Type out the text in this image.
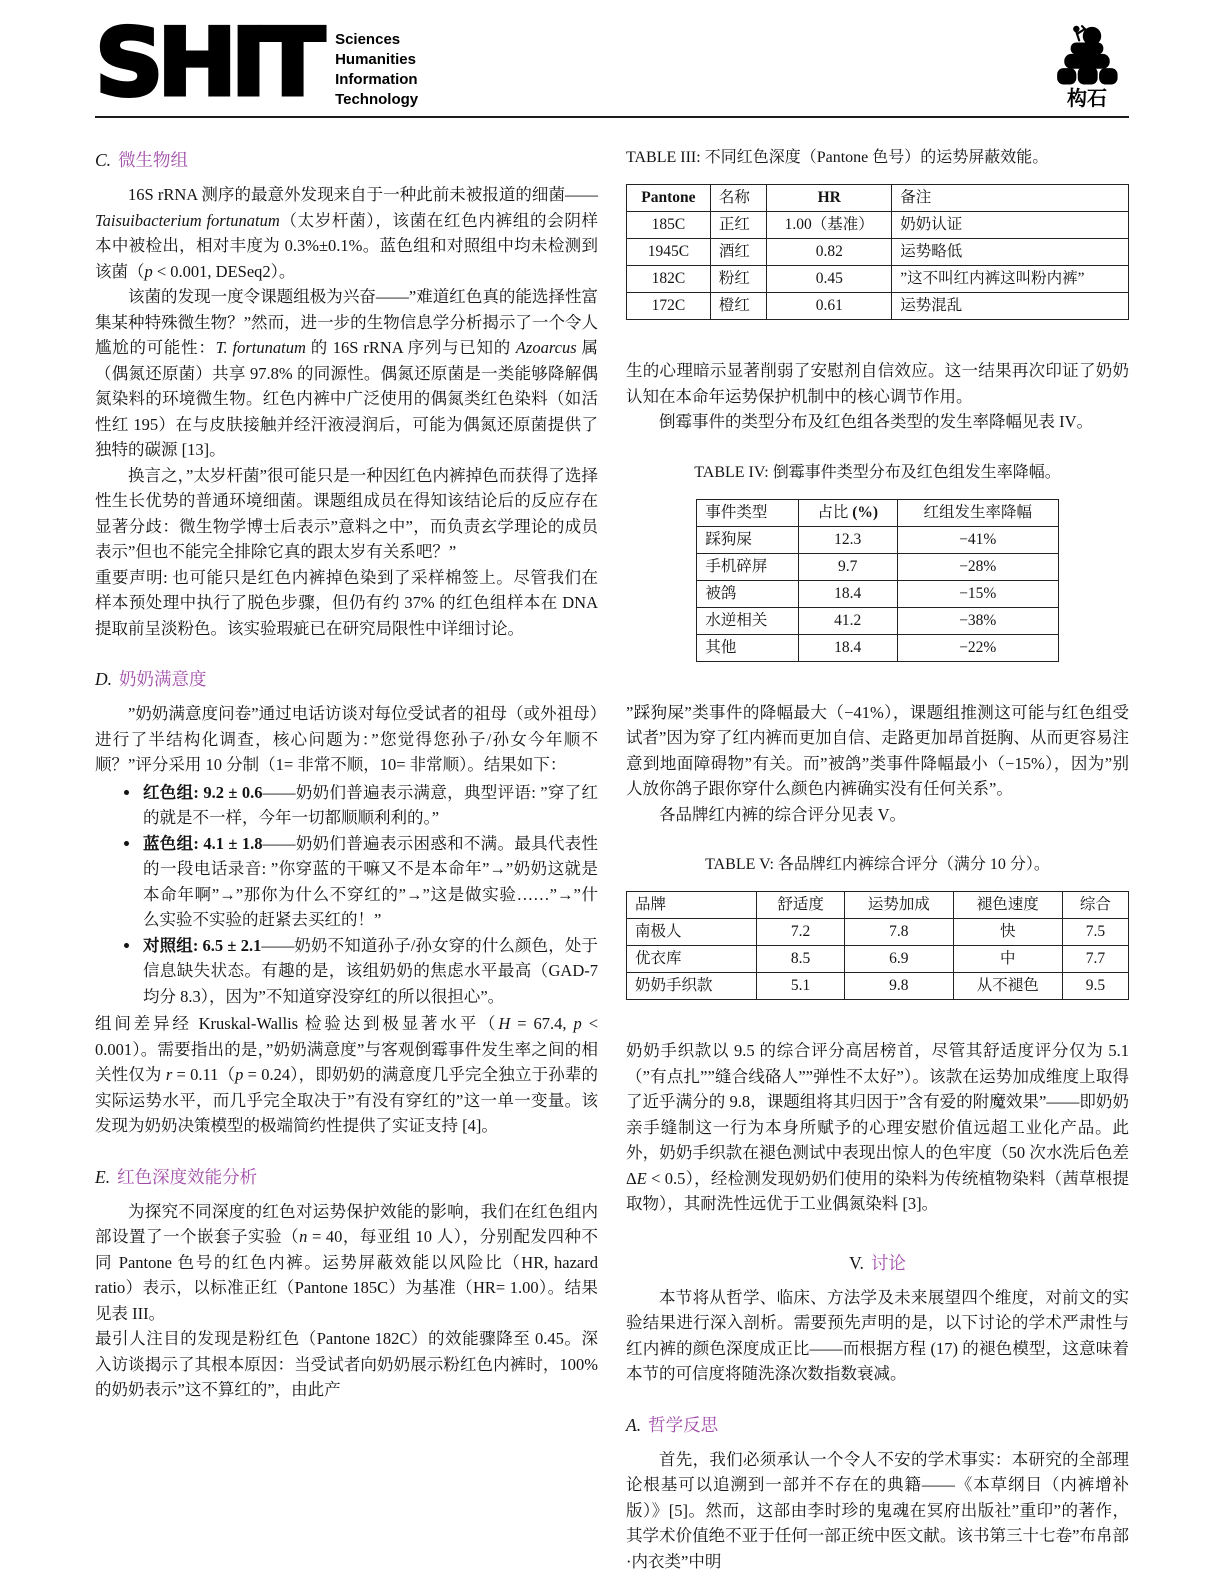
SHIT Sciences
Humanities
Information
Technology	构石
C. 微生物组

16S rRNA 测序的最意外发现来自于一种此前未被报道的细菌——Taisuibacterium fortunatum（太岁杆菌），该菌在红色内裤组的会阴样本中被检出，相对丰度为 0.3%±0.1%。蓝色组和对照组中均未检测到该菌（p < 0.001, DESeq2）。

该菌的发现一度令课题组极为兴奋——”难道红色真的能选择性富集某种特殊微生物？”然而，进一步的生物信息学分析揭示了一个令人尴尬的可能性：T. fortunatum 的 16S rRNA 序列与已知的 Azoarcus 属（偶氮还原菌）共享 97.8% 的同源性。偶氮还原菌是一类能够降解偶氮染料的环境微生物。红色内裤中广泛使用的偶氮类红色染料（如活性红 195）在与皮肤接触并经汗液浸润后，可能为偶氮还原菌提供了独特的碳源 [13]。

换言之，”太岁杆菌”很可能只是一种因红色内裤掉色而获得了选择性生长优势的普通环境细菌。课题组成员在得知该结论后的反应存在显著分歧：微生物学博士后表示”意料之中”，而负责玄学理论的成员表示”但也不能完全排除它真的跟太岁有关系吧？”

重要声明: 也可能只是红色内裤掉色染到了采样棉签上。尽管我们在样本预处理中执行了脱色步骤，但仍有约 37% 的红色组样本在 DNA 提取前呈淡粉色。该实验瑕疵已在研究局限性中详细讨论。

D. 奶奶满意度

”奶奶满意度问卷”通过电话访谈对每位受试者的祖母（或外祖母）进行了半结构化调查，核心问题为：”您觉得您孙子/孙女今年顺不顺？”评分采用 10 分制（1= 非常不顺，10= 非常顺）。结果如下：

• 红色组: 9.2 ± 0.6——奶奶们普遍表示满意，典型评语: ”穿了红的就是不一样，今年一切都顺顺利利的。”
• 蓝色组: 4.1 ± 1.8——奶奶们普遍表示困惑和不满。最具代表性的一段电话录音: ”你穿蓝的干嘛又不是本命年”→”奶奶这就是本命年啊”→”那你为什么不穿红的”→”这是做实验……”→”什么实验不实验的赶紧去买红的！”
• 对照组: 6.5 ± 2.1——奶奶不知道孙子/孙女穿的什么颜色，处于信息缺失状态。有趣的是，该组奶奶的焦虑水平最高（GAD-7 均分 8.3），因为”不知道穿没穿红的所以很担心”。

组间差异经 Kruskal-Wallis 检验达到极显著水平（H = 67.4, p < 0.001）。需要指出的是，”奶奶满意度”与客观倒霉事件发生率之间的相关性仅为 r = 0.11（p = 0.24），即奶奶的满意度几乎完全独立于孙辈的实际运势水平，而几乎完全取决于”有没有穿红的”这一单一变量。该发现为奶奶决策模型的极端简约性提供了实证支持 [4]。

E. 红色深度效能分析

为探究不同深度的红色对运势保护效能的影响，我们在红色组内部设置了一个嵌套子实验（n = 40，每亚组 10 人），分别配发四种不同 Pantone 色号的红色内裤。运势屏蔽效能以风险比（HR, hazard ratio）表示，以标准正红（Pantone 185C）为基准（HR= 1.00）。结果见表 III。

最引人注目的发现是粉红色（Pantone 182C）的效能骤降至 0.45。深入访谈揭示了其根本原因：当受试者向奶奶展示粉红色内裤时，100% 的奶奶表示”这不算红的”，由此产

TABLE III: 不同红色深度（Pantone 色号）的运势屏蔽效能。
Pantone	名称	HR	备注
185C	正红	1.00（基准）	奶奶认证
1945C	酒红	0.82	运势略低
182C	粉红	0.45	”这不叫红内裤这叫粉内裤”
172C	橙红	0.61	运势混乱

生的心理暗示显著削弱了安慰剂自信效应。这一结果再次印证了奶奶认知在本命年运势保护机制中的核心调节作用。

倒霉事件的类型分布及红色组各类型的发生率降幅见表 IV。

TABLE IV: 倒霉事件类型分布及红色组发生率降幅。
事件类型	占比 (%)	红组发生率降幅
踩狗屎	12.3	−41%
手机碎屏	9.7	−28%
被鸽	18.4	−15%
水逆相关	41.2	−38%
其他	18.4	−22%

”踩狗屎”类事件的降幅最大（−41%），课题组推测这可能与红色组受试者”因为穿了红内裤而更加自信、走路更加昂首挺胸、从而更容易注意到地面障碍物”有关。而”被鸽”类事件降幅最小（−15%），因为”别人放你鸽子跟你穿什么颜色内裤确实没有任何关系”。

各品牌红内裤的综合评分见表 V。

TABLE V: 各品牌红内裤综合评分（满分 10 分）。
品牌	舒适度	运势加成	褪色速度	综合
南极人	7.2	7.8	快	7.5
优衣库	8.5	6.9	中	7.7
奶奶手织款	5.1	9.8	从不褪色	9.5

奶奶手织款以 9.5 的综合评分高居榜首，尽管其舒适度评分仅为 5.1（”有点扎””缝合线硌人””弹性不太好”）。该款在运势加成维度上取得了近乎满分的 9.8，课题组将其归因于”含有爱的附魔效果”——即奶奶亲手缝制这一行为本身所赋予的心理安慰价值远超工业化产品。此外，奶奶手织款在褪色测试中表现出惊人的色牢度（50 次水洗后色差 ΔE < 0.5），经检测发现奶奶们使用的染料为传统植物染料（茜草根提取物），其耐洗性远优于工业偶氮染料 [3]。

V. 讨论

本节将从哲学、临床、方法学及未来展望四个维度，对前文的实验结果进行深入剖析。需要预先声明的是，以下讨论的学术严肃性与红内裤的颜色深度成正比——而根据方程 (17) 的褪色模型，这意味着本节的可信度将随洗涤次数指数衰减。

A. 哲学反思

首先，我们必须承认一个令人不安的学术事实：本研究的全部理论根基可以追溯到一部并不存在的典籍——《本草纲目（内裤增补版）》[5]。然而，这部由李时珍的鬼魂在冥府出版社”重印”的著作，其学术价值绝不亚于任何一部正统中医文献。该书第三十七卷”布帛部·内衣类”中明
